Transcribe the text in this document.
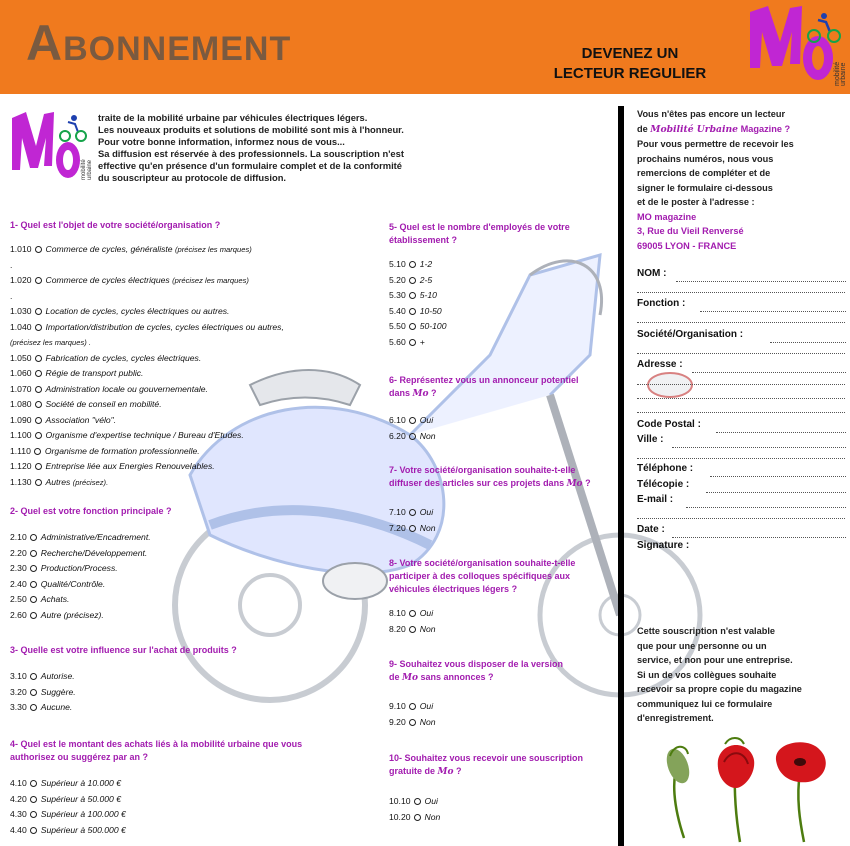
ABONNEMENT	DEVENEZ UN
LECTEUR REGULIER	mobilité urbaine
mobilité urbaine
traite de la mobilité urbaine par véhicules électriques légers.
Les nouveaux produits et solutions de mobilité sont mis à l'honneur.
Pour votre bonne information, informez nous de vous...
Sa diffusion est réservée à des professionnels. La souscription n'est
effective qu'en présence d'un formulaire complet et de la conformité
du souscripteur au protocole de diffusion.
1- Quel est l'objet de votre société/organisation ?
1.010 Commerce de cycles, généraliste
(précisez les marques)
.
1.020 Commerce de cycles électriques
(précisez les marques)
.
1.030 Location de cycles, cycles électriques ou autres.
1.040 Importation/distribution de cycles, cycles électriques ou autres,
(précisez les marques) .
1.050 Fabrication de cycles, cycles électriques.
1.060 Régie de transport public.
1.070 Administration locale ou gouvernementale.
1.080 Société de conseil en mobilité.
1.090 Association "vélo".
1.100 Organisme d'expertise technique / Bureau d'Etudes.
1.110 Organisme de formation professionnelle.
1.120 Entreprise liée aux Energies Renouvelables.
1.130 Autres
(précisez).
2- Quel est votre fonction principale ?
2.10 Administrative/Encadrement.
2.20 Recherche/Développement.
2.30 Production/Process.
2.40 Qualité/Contrôle.
2.50 Achats.
2.60 Autre (précisez).
3- Quelle est votre influence sur l'achat de produits ?
3.10 Autorise.
3.20 Suggère.
3.30 Aucune.
4- Quel est le montant des achats liés à la mobilité urbaine que vous
authorisez ou suggérez par an ?
4.10 Supérieur à 10.000 €
4.20 Supérieur à 50.000 €
4.30 Supérieur à 100.000 €
4.40 Supérieur à 500.000 €
5- Quel est le nombre d'employés de votre
établissement ?
5.10 1-2
5.20 2-5
5.30 5-10
5.40 10-50
5.50 50-100
5.60 +
6- Représentez vous un annonceur potentiel
dans Mo ?
6.10 Oui
6.20 Non
7- Votre société/organisation souhaite-t-elle
diffuser des articles sur ces projets dans Mo ?
7.10 Oui
7.20 Non
8- Votre société/organisation souhaite-t-elle
participer à des colloques spécifiques aux
véhicules électriques légers ?
8.10 Oui
8.20 Non
9- Souhaitez vous disposer de la version
de Mo sans annonces ?
9.10 Oui
9.20 Non
10- Souhaitez vous recevoir une souscription
gratuite de Mo ?
10.10 Oui
10.20 Non
Vous n'êtes pas encore un lecteur
de Mobilité Urbaine Magazine ?
Pour vous permettre de recevoir les
prochains numéros, nous vous
remercions de compléter et de
signer le formulaire ci-dessous
et de le poster à l'adresse :
MO magazine
3, Rue du Vieil Renversé
69005 LYON - FRANCE
NOM :
Fonction :
Société/Organisation :
Adresse :
Code Postal :
Ville :
Téléphone :
Télécopie :
E-mail :
Date :
Signature :
Cette souscription n'est valable
que pour une personne ou un
service, et non pour une entreprise.
Si un de vos collègues souhaite
recevoir sa propre copie du magazine
communiquez lui ce formulaire
d'enregistrement.
